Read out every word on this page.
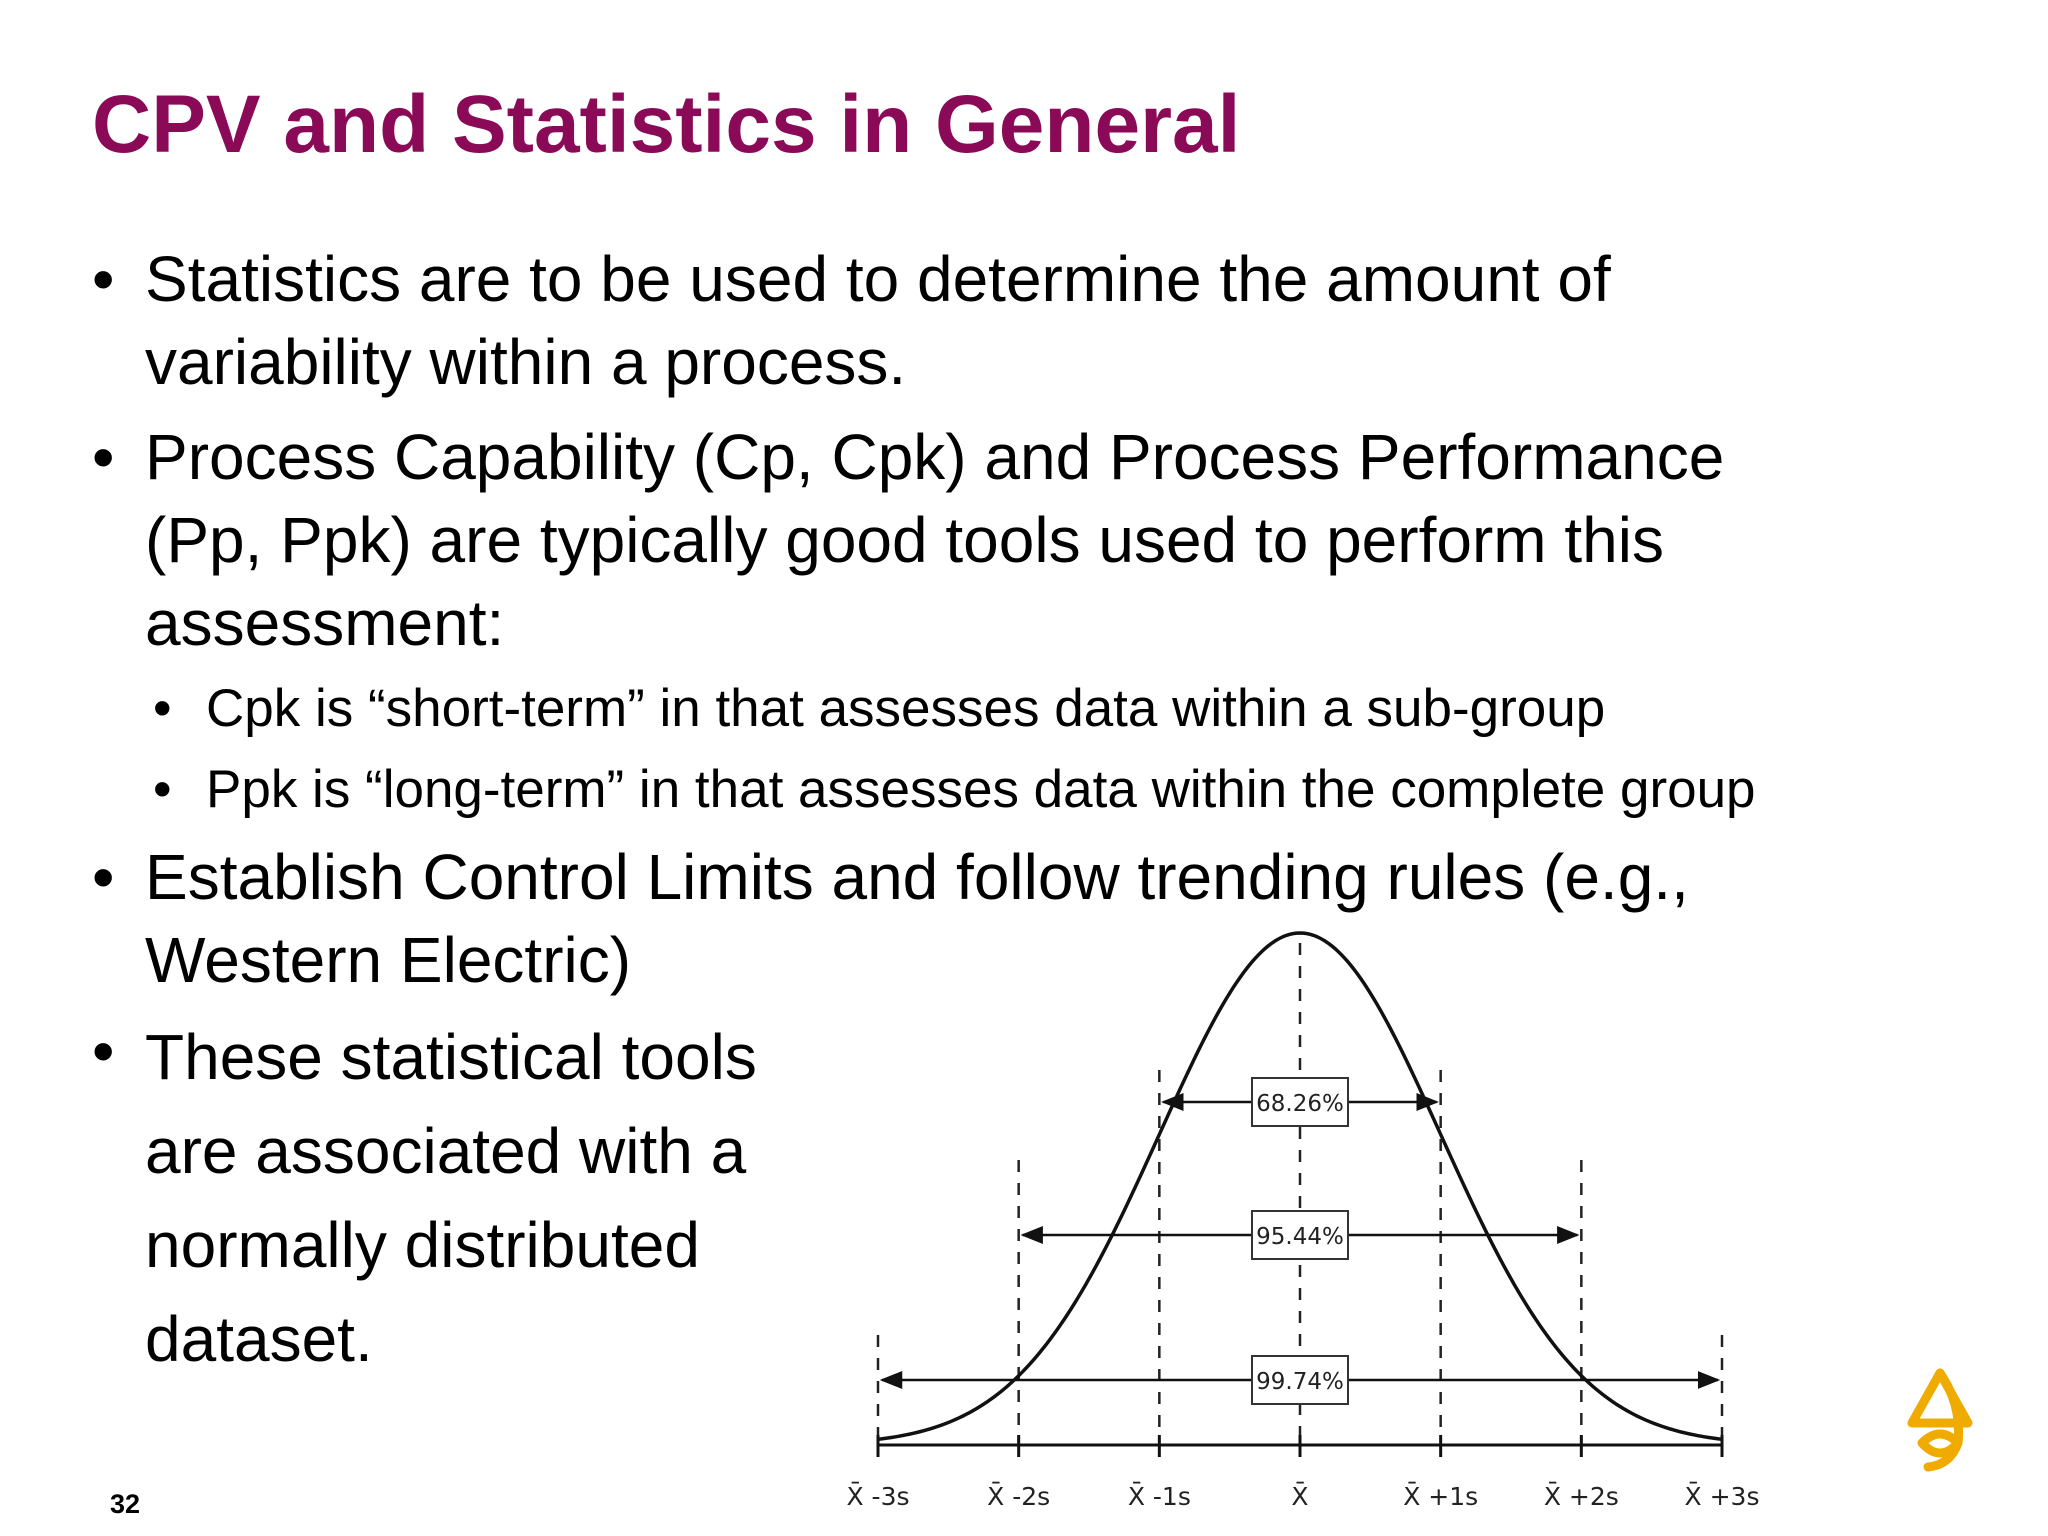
CPV and Statistics in General
• Statistics are to be used to determine the amount of
variability within a process.
• Process Capability (Cp, Cpk) and Process Performance
(Pp, Ppk) are typically good tools used to perform this
assessment:
• Cpk is “short-term” in that assesses data within a sub-group
• Ppk is “long-term” in that assesses data within the complete group
• Establish Control Limits and follow trending rules (e.g.,
Western Electric)
• These statistical tools
are associated with a
normally distributed
dataset.
68.26%
95.44%
99.74%
X̄ -3s	X̄ -2s	X̄ -1s	X̄	X̄ +1s	X̄ +2s	X̄ +3s
32
